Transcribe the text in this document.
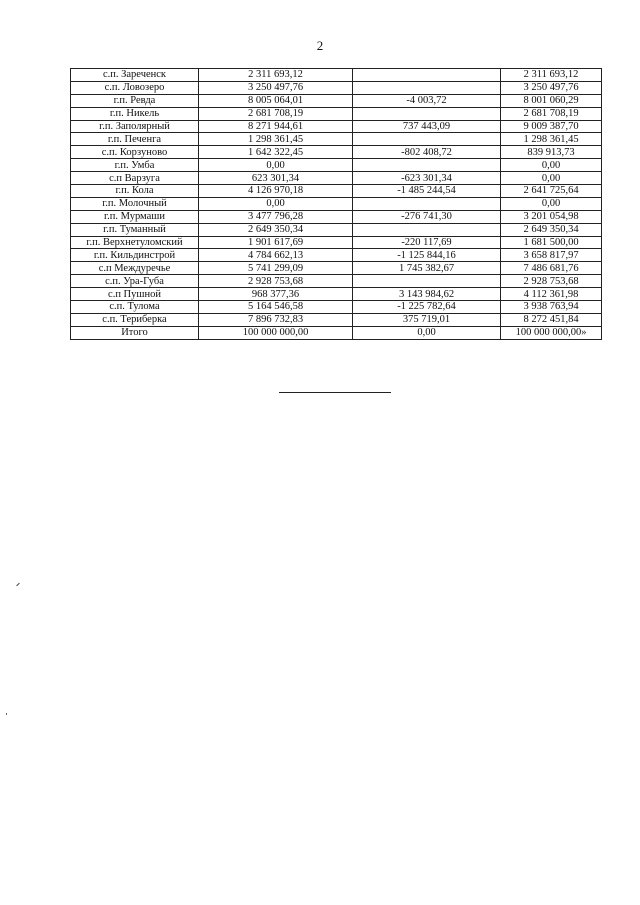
2
с.п. Зареченск	2 311 693,12		2 311 693,12
с.п. Ловозеро	3 250 497,76		3 250 497,76
г.п. Ревда	8 005 064,01	-4 003,72	8 001 060,29
г.п. Никель	2 681 708,19		2 681 708,19
г.п. Заполярный	8 271 944,61	737 443,09	9 009 387,70
г.п. Печенга	1 298 361,45		1 298 361,45
с.п. Корзуново	1 642 322,45	-802 408,72	839 913,73
г.п. Умба	0,00		0,00
с.п Варзуга	623 301,34	-623 301,34	0,00
г.п. Кола	4 126 970,18	-1 485 244,54	2 641 725,64
г.п. Молочный	0,00		0,00
г.п. Мурмаши	3 477 796,28	-276 741,30	3 201 054,98
г.п. Туманный	2 649 350,34		2 649 350,34
г.п. Верхнетуломский	1 901 617,69	-220 117,69	1 681 500,00
г.п. Кильдинстрой	4 784 662,13	-1 125 844,16	3 658 817,97
с.п Междуречье	5 741 299,09	1 745 382,67	7 486 681,76
с.п. Ура-Губа	2 928 753,68		2 928 753,68
с.п Пушной	968 377,36	3 143 984,62	4 112 361,98
с.п. Тулома	5 164 546,58	-1 225 782,64	3 938 763,94
с.п. Териберка	7 896 732,83	375 719,01	8 272 451,84
Итого	100 000 000,00	0,00	100 000 000,00»
